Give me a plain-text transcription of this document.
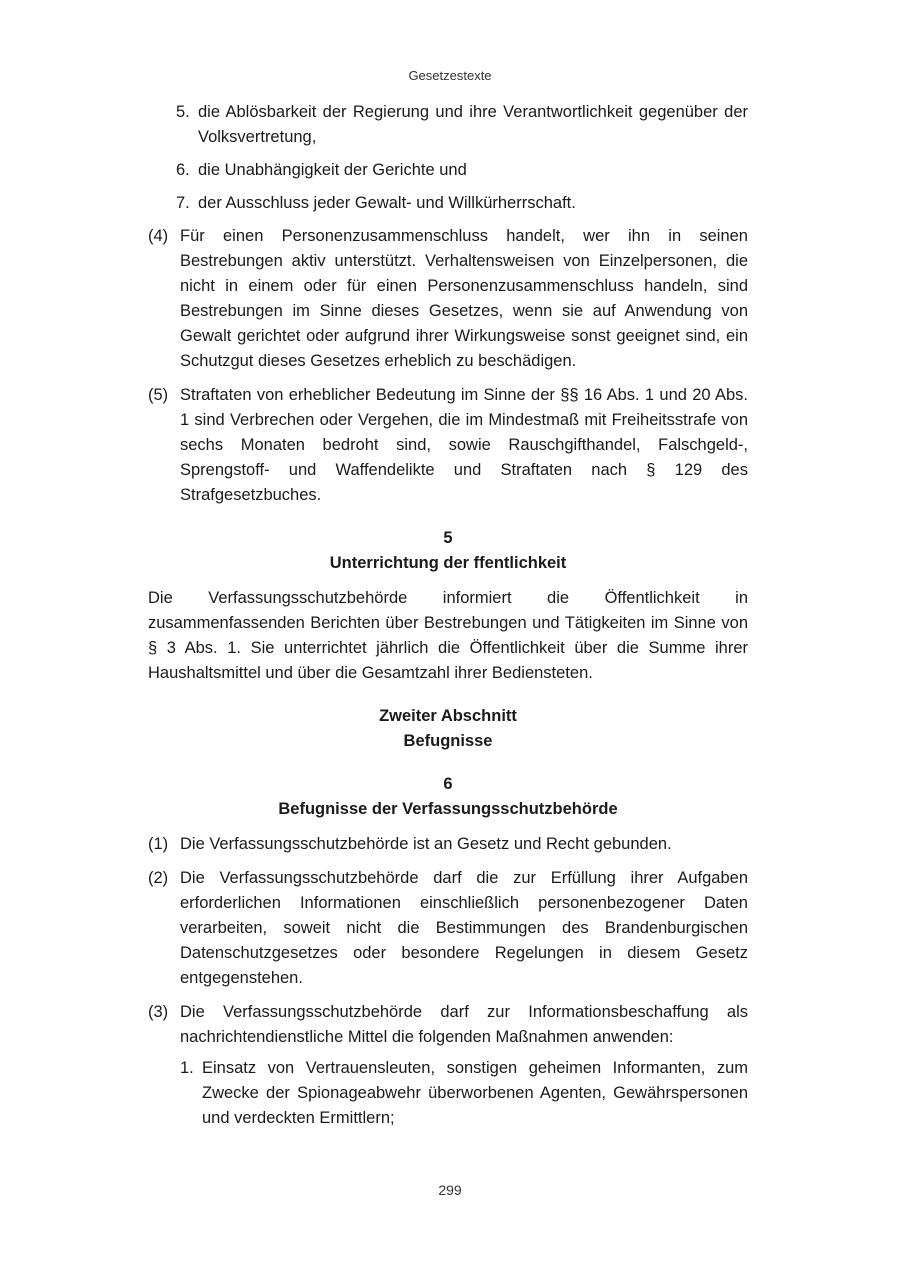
Gesetzestexte
5. die Ablösbarkeit der Regierung und ihre Verantwortlichkeit gegenüber der Volksvertretung,
6. die Unabhängigkeit der Gerichte und
7. der Ausschluss jeder Gewalt- und Willkürherrschaft.
(4) Für einen Personenzusammenschluss handelt, wer ihn in seinen Bestrebungen aktiv unterstützt. Verhaltensweisen von Einzelpersonen, die nicht in einem oder für einen Personenzusammenschluss handeln, sind Bestrebungen im Sinne dieses Gesetzes, wenn sie auf Anwendung von Gewalt gerichtet oder aufgrund ihrer Wirkungsweise sonst geeignet sind, ein Schutzgut dieses Gesetzes erheblich zu beschädigen.
(5) Straftaten von erheblicher Bedeutung im Sinne der §§ 16 Abs. 1 und 20 Abs. 1 sind Verbrechen oder Vergehen, die im Mindestmaß mit Freiheitsstrafe von sechs Monaten bedroht sind, sowie Rauschgifthandel, Falschgeld-, Sprengstoff- und Waffendelikte und Straftaten nach § 129 des Strafgesetzbuches.

5

Unterrichtung der ffentlichkeit

Die Verfassungsschutzbehörde informiert die Öffentlichkeit in zusammenfassenden Berichten über Bestrebungen und Tätigkeiten im Sinne von § 3 Abs. 1. Sie unterrichtet jährlich die Öffentlichkeit über die Summe ihrer Haushaltsmittel und über die Gesamtzahl ihrer Bediensteten.

Zweiter Abschnitt

Befugnisse

6

Befugnisse der Verfassungsschutzbehörde

(1) Die Verfassungsschutzbehörde ist an Gesetz und Recht gebunden.
(2) Die Verfassungsschutzbehörde darf die zur Erfüllung ihrer Aufgaben erforderlichen Informationen einschließlich personenbezogener Daten verarbeiten, soweit nicht die Bestimmungen des Brandenburgischen Datenschutzgesetzes oder besondere Regelungen in diesem Gesetz entgegenstehen.
(3) Die Verfassungsschutzbehörde darf zur Informationsbeschaffung als nachrichtendienstliche Mittel die folgenden Maßnahmen anwenden:
1. Einsatz von Vertrauensleuten, sonstigen geheimen Informanten, zum Zwecke der Spionageabwehr überworbenen Agenten, Gewährspersonen und verdeckten Ermittlern;
299
